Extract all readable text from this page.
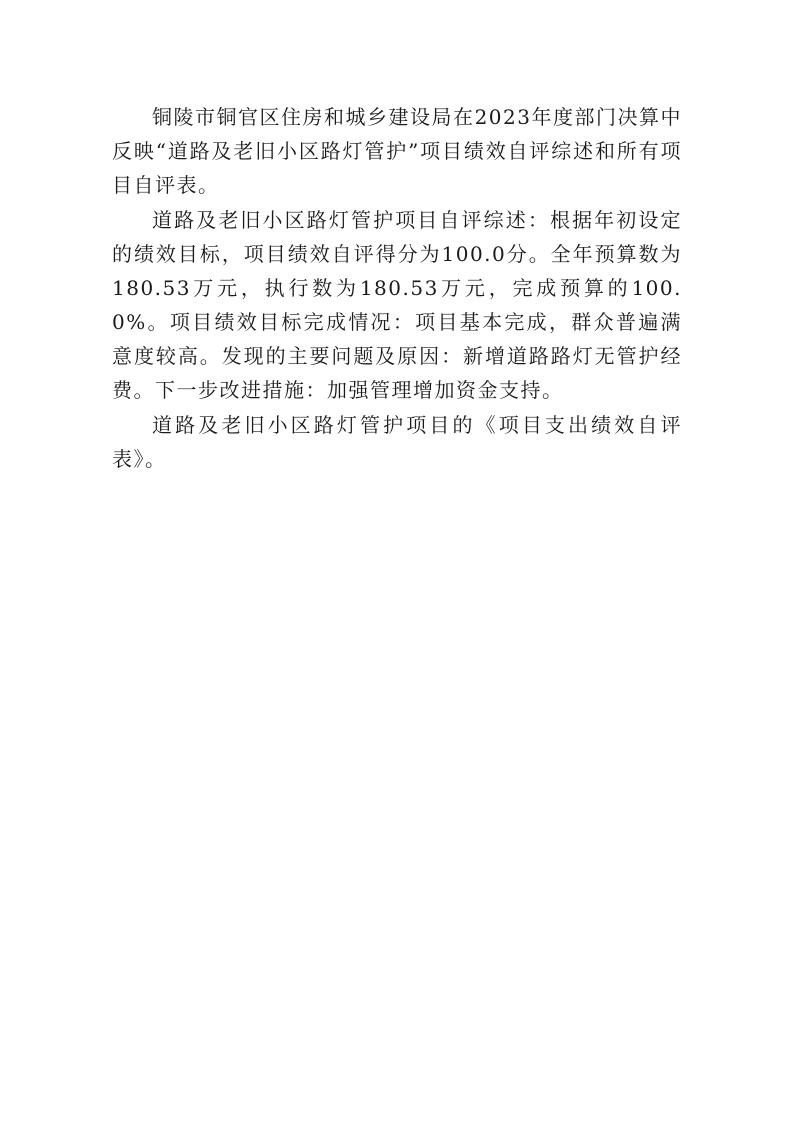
铜陵市铜官区住房和城乡建设局在2023年度部门决算中反映“道路及老旧小区路灯管护”项目绩效自评综述和所有项目自评表。

道路及老旧小区路灯管护项目自评综述：根据年初设定的绩效目标，项目绩效自评得分为100.0分。全年预算数为180.53万元，执行数为180.53万元，完成预算的100.0%。项目绩效目标完成情况：项目基本完成，群众普遍满意度较高。发现的主要问题及原因：新增道路路灯无管护经费。下一步改进措施：加强管理增加资金支持。

道路及老旧小区路灯管护项目的《项目支出绩效自评表》。
